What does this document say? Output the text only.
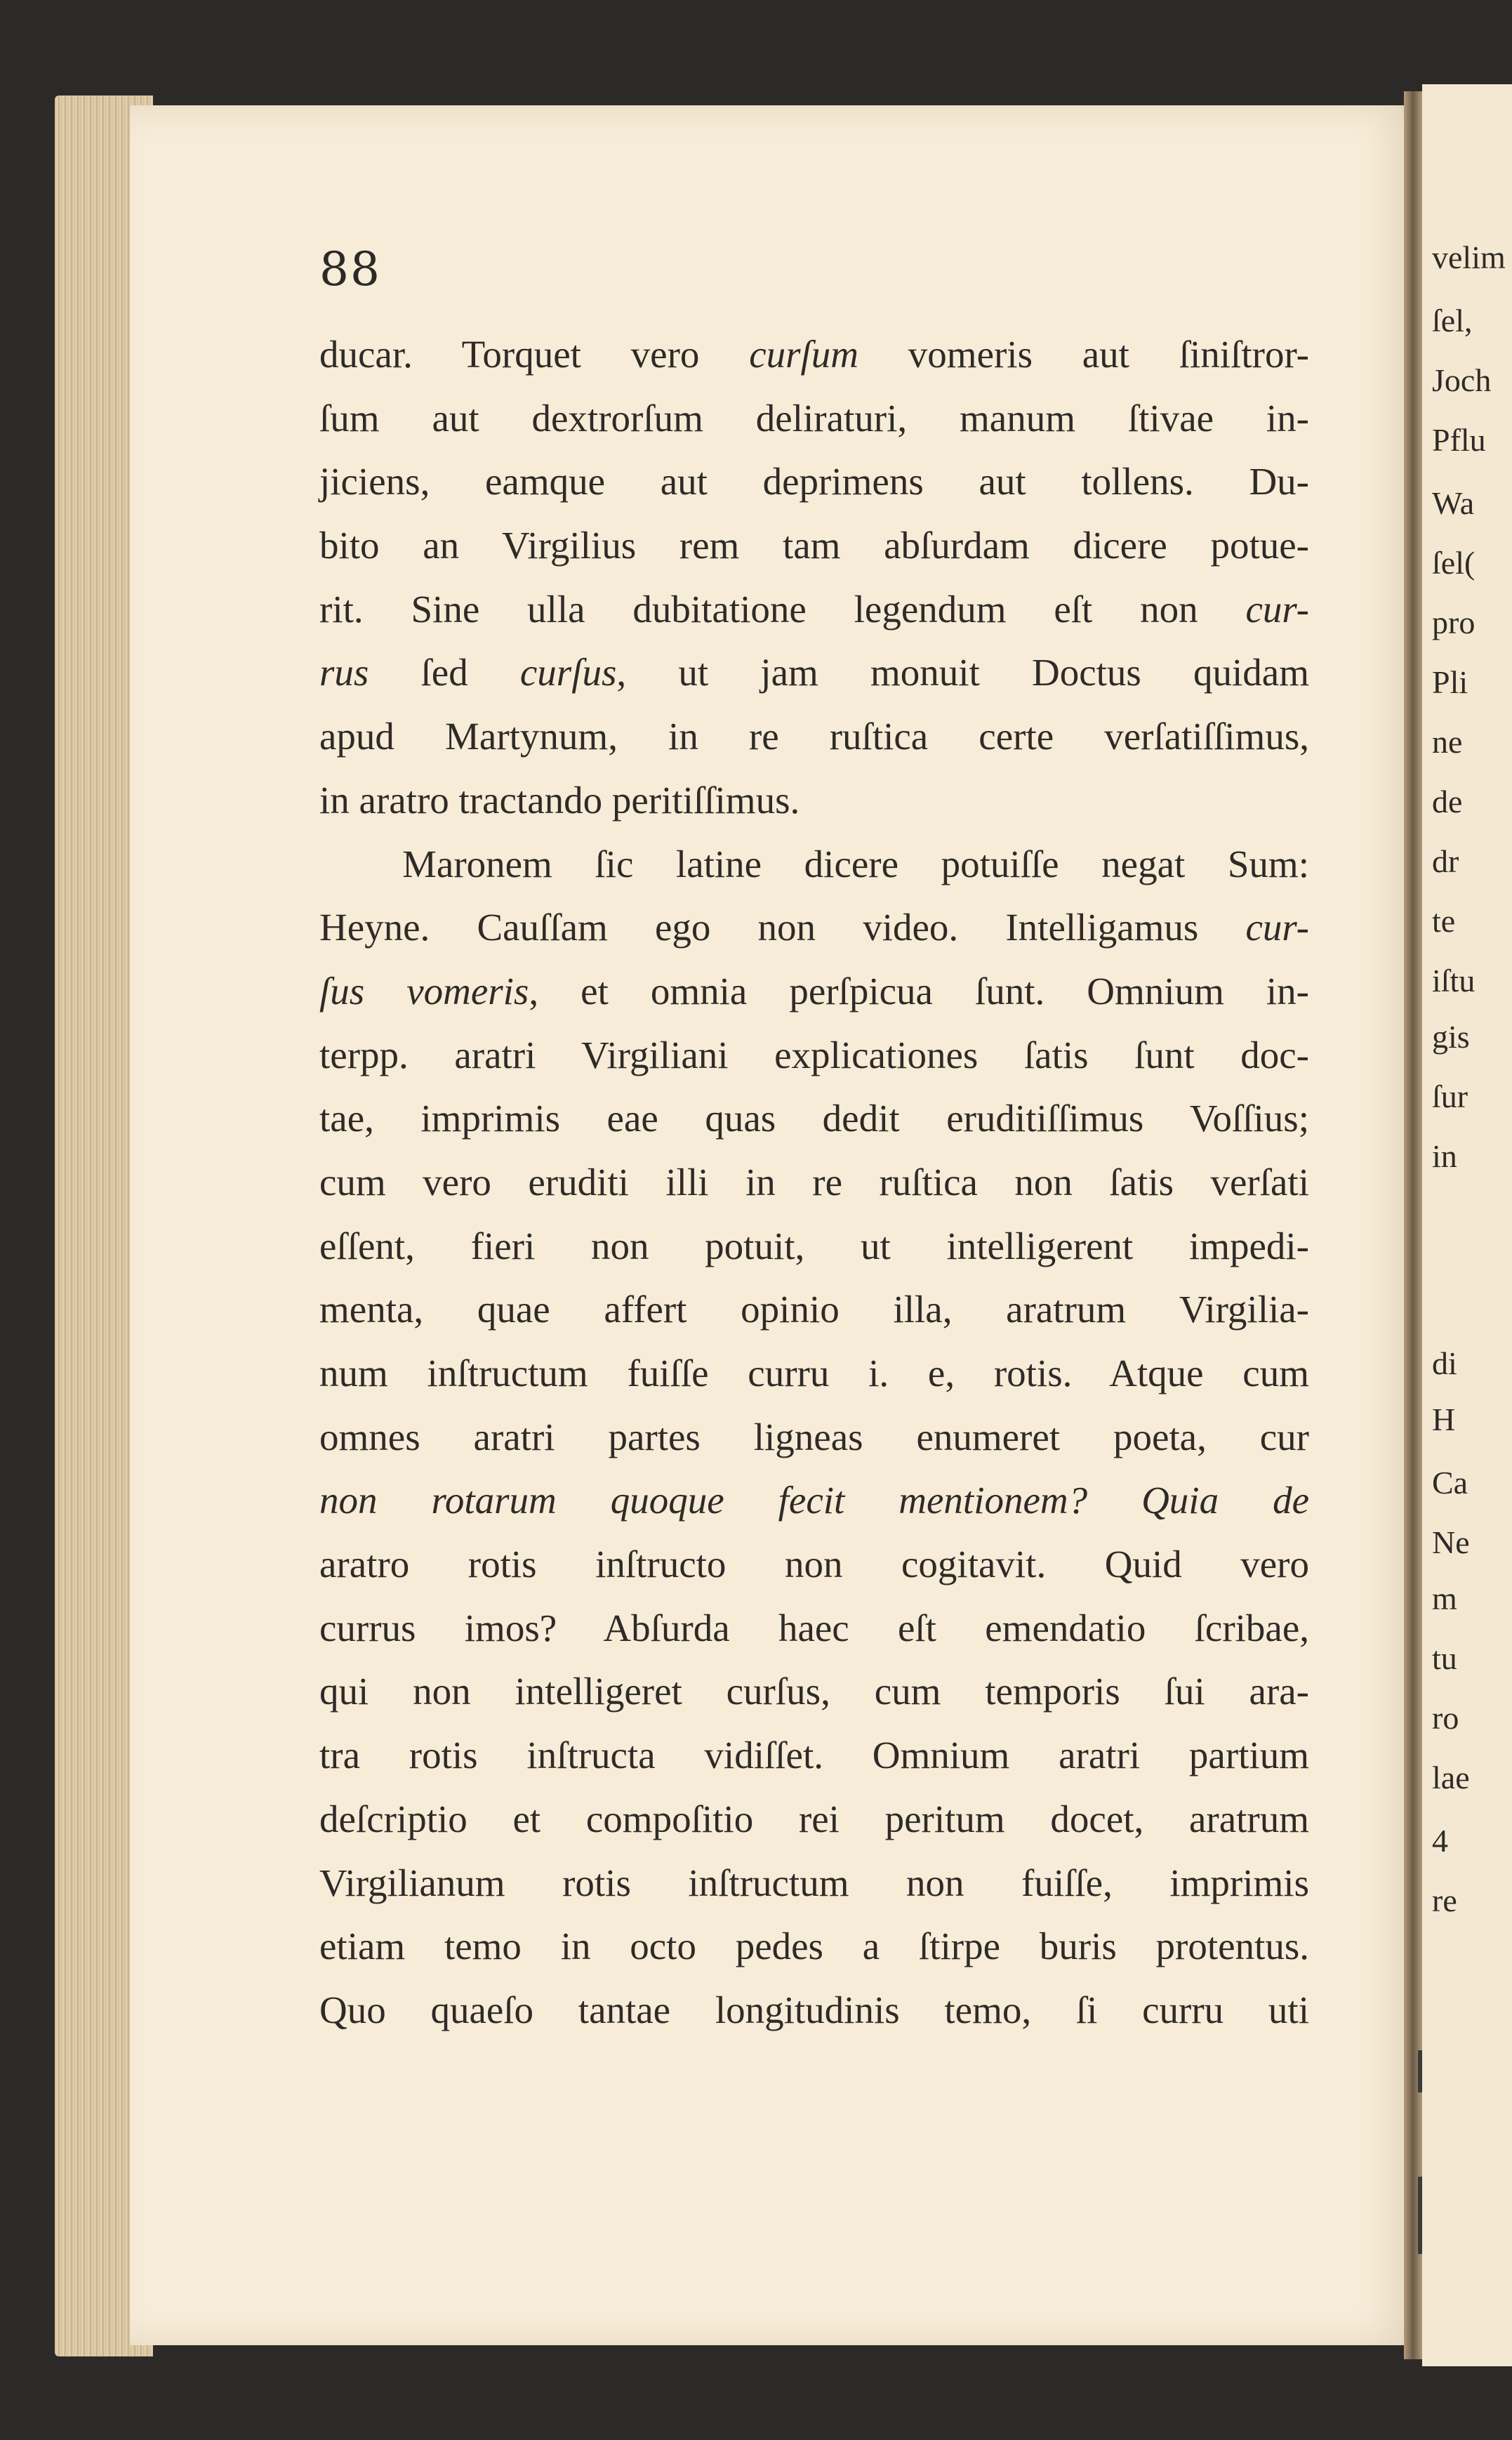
velim
ſel,
Joch
Pflu
Wa
ſel(
pro
Pli
ne
de
dr
te
iſtu
gis
ſur
in
di
H
Ca
Ne
m
tu
ro
lae
4
re
88
ducar. Torquet vero curſum vomeris aut ſiniſtror-
ſum aut dextrorſum deliraturi, manum ſtivae in-
jiciens, eamque aut deprimens aut tollens. Du-
bito an Virgilius rem tam abſurdam dicere potue-
rit. Sine ulla dubitatione legendum eſt non cur-
rus ſed curſus, ut jam monuit Doctus quidam
apud Martynum, in re ruſtica certe verſatiſſimus,
in aratro tractando peritiſſimus.
Maronem ſic latine dicere potuiſſe negat Sum:
Heyne. Cauſſam ego non video. Intelligamus cur-
ſus vomeris, et omnia perſpicua ſunt. Omnium in-
terpp. aratri Virgiliani explicationes ſatis ſunt doc-
tae, imprimis eae quas dedit eruditiſſimus Voſſius;
cum vero eruditi illi in re ruſtica non ſatis verſati
eſſent, fieri non potuit, ut intelligerent impedi-
menta, quae affert opinio illa, aratrum Virgilia-
num inſtructum fuiſſe curru i. e, rotis. Atque cum
omnes aratri partes ligneas enumeret poeta, cur
non rotarum quoque fecit mentionem? Quia de
aratro rotis inſtructo non cogitavit. Quid vero
currus imos? Abſurda haec eſt emendatio ſcribae,
qui non intelligeret curſus, cum temporis ſui ara-
tra rotis inſtructa vidiſſet. Omnium aratri partium
deſcriptio et compoſitio rei peritum docet, aratrum
Virgilianum rotis inſtructum non fuiſſe, imprimis
etiam temo in octo pedes a ſtirpe buris protentus.
Quo quaeſo tantae longitudinis temo, ſi curru uti
